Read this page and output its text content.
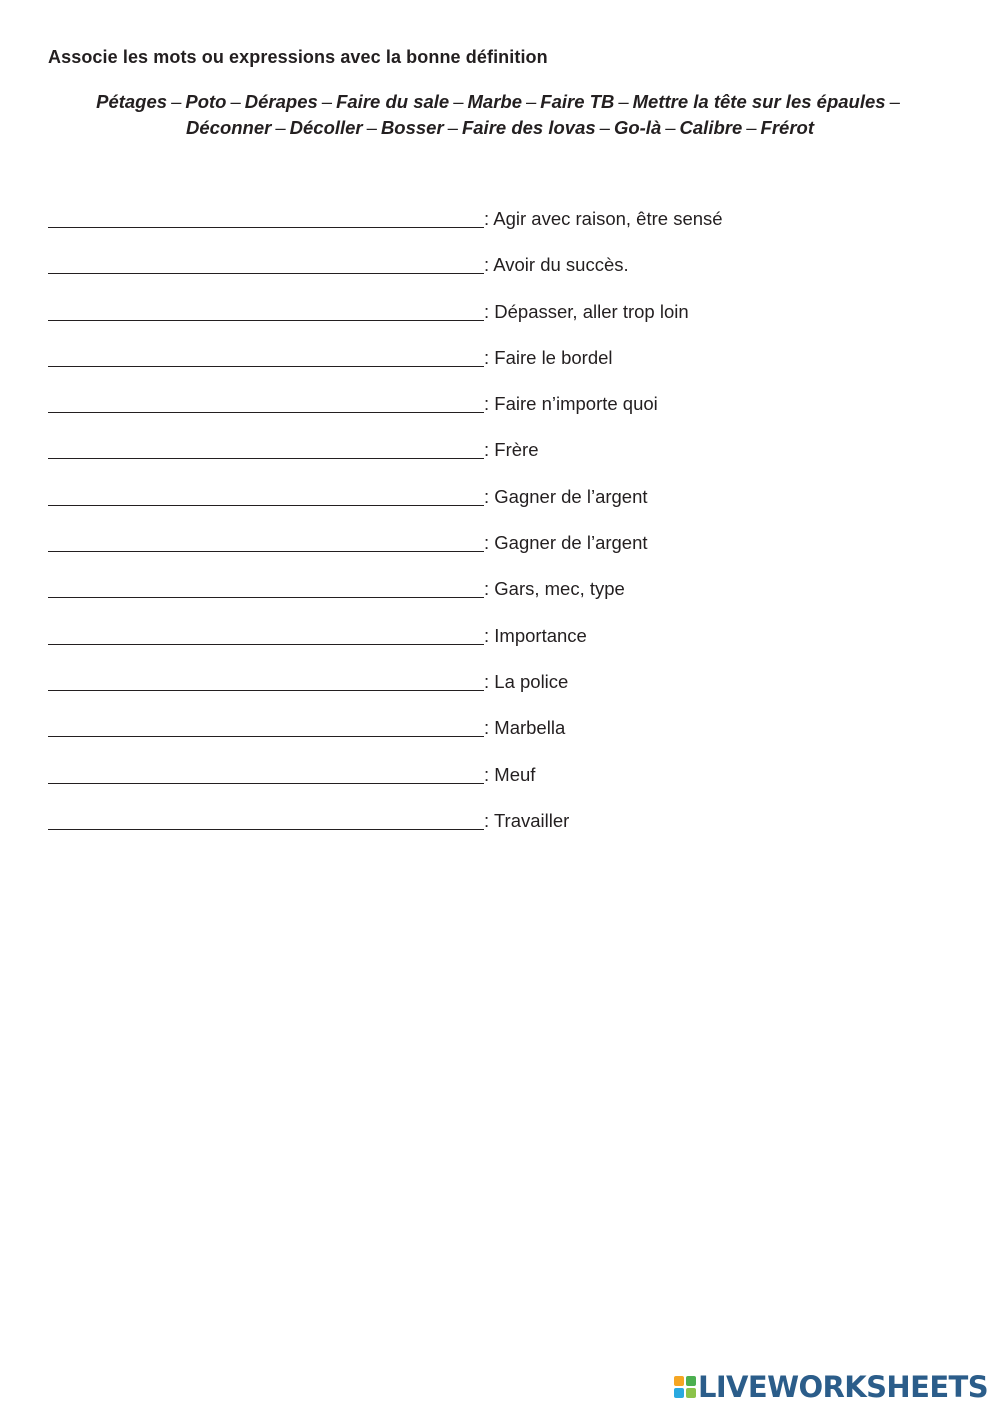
Associe les mots ou expressions avec la bonne définition
Pétages – Poto – Dérapes – Faire du sale – Marbe – Faire TB – Mettre la tête sur les épaules –
Déconner – Décoller – Bosser – Faire des lovas – Go-là – Calibre – Frérot
: Agir avec raison, être sensé
: Avoir du succès.
: Dépasser, aller trop loin
: Faire le bordel
: Faire n’importe quoi
: Frère
: Gagner de l’argent
: Gagner de l’argent
: Gars, mec, type
: Importance
: La police
: Marbella
: Meuf
: Travailler
LIVEWORKSHEETS
